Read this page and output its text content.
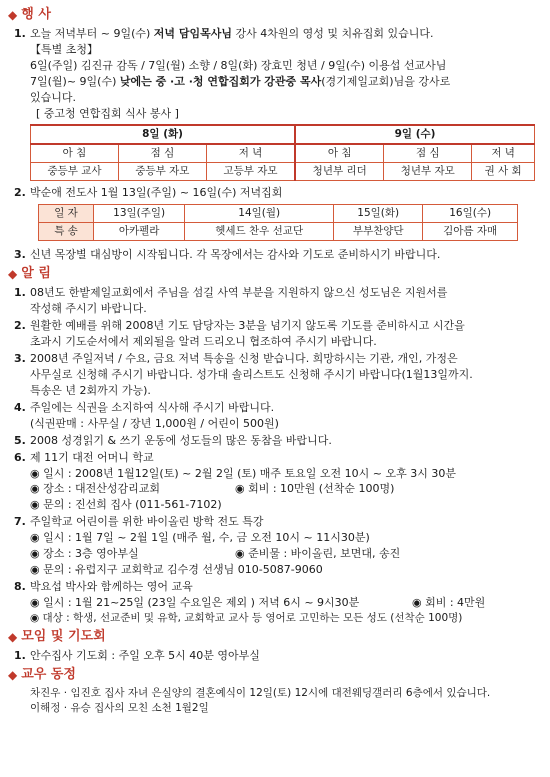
◆ 행 사
1. 오늘 저녁부터 ~ 9일(수) 저녁 담임목사님 강사 4차원의 영성 및 치유집회 있습니다.
【특별 초청】
6일(주일) 김진규 감독 / 7일(월) 소향 / 8일(화) 장효민 청년 / 9일(수) 이용섭 선교사님
7일(월)~ 9일(수) 낮에는 중 ·고 ·청 연합집회가 강관중 목사(경기제일교회)님을 강사로
있습니다.
[ 중고청 연합집회 식사 봉사 ]
8일 (화)			9일 (수)		
아 침	점 심	저 녁	아 침	점 심	저 녁
중등부 교사	중등부 자모	고등부 자모	청년부 리더	청년부 자모	권 사 회
2. 박순애 전도사 1월 13일(주일) ~ 16일(수) 저녁집회
일 자	13일(주일)	14일(월)	15일(화)	16일(수)
특 송	아카펠라	헷세드 찬우 선교단	부부찬양단	김아름 자매
3. 신년 목장별 대심방이 시작됩니다. 각 목장에서는 감사와 기도로 준비하시기 바랍니다.
◆ 알 림
1. 08년도 한밭제일교회에서 주님을 섬길 사역 부분을 지원하지 않으신 성도님은 지원서를
작성해 주시기 바랍니다.
2. 원활한 예배를 위해 2008년 기도 담당자는 3분을 넘기지 않도록 기도를 준비하시고 시간을
초과시 기도순서에서 제외될을 알려 드리오니 협조하여 주시기 바랍니다.
3. 2008년 주일저녁 / 수요, 금요 저녁 특송을 신청 받습니다. 희망하시는 기관, 개인, 가정은
사무실로 신청해 주시기 바랍니다. 성가대 솔리스트도 신청해 주시기 바랍니다(1월13일까지.
특송은 년 2회까지 가능).
4. 주일에는 식권을 소지하여 식사해 주시기 바랍니다.
(식권판매 : 사무실 / 장년 1,000원 / 어린이 500원)
5. 2008 성경읽기 & 쓰기 운동에 성도들의 많은 동참을 바랍니다.
6. 제 11기 대전 어머니 학교
◉ 일시 : 2008년 1월12일(토) ~ 2월 2일 (토) 매주 토요일 오전 10시 ~ 오후 3시 30분
◉ 장소 : 대전산성감리교회	◉ 회비 : 10만원 (선착순 100명)
◉ 문의 : 진선희 집사 (011-561-7102)
7. 주일학교 어린이를 위한 바이올린 방학 전도 특강
◉ 일시 : 1월 7일 ~ 2월 1일 (매주 월, 수, 금 오전 10시 ~ 11시30분)
◉ 장소 : 3층 영아부실	◉ 준비물 : 바이올린, 보면대, 송진
◉ 문의 : 유럽지구 교회학교 김수경 선생님 010-5087-9060
8. 박요섭 박사와 함께하는 영어 교육
◉ 일시 : 1월 21~25일 (23일 수요일은 제외 ) 저녁 6시 ~ 9시30분	◉ 회비 : 4만원
◉ 대상 : 학생, 선교준비 및 유학, 교회학교 교사 등 영어로 고민하는 모든 성도 (선착순 100명)
◆ 모임 및 기도회
1. 안수집사 기도회 : 주일 오후 5시 40분 영아부실
◆ 교우 동정
차진우 · 임진호 집사 자녀 은실양의 결혼예식이 12일(토) 12시에 대전웨딩갤러리 6층에서 있습니다.
이해정 · 유승 집사의 모친 소천 1월2일
